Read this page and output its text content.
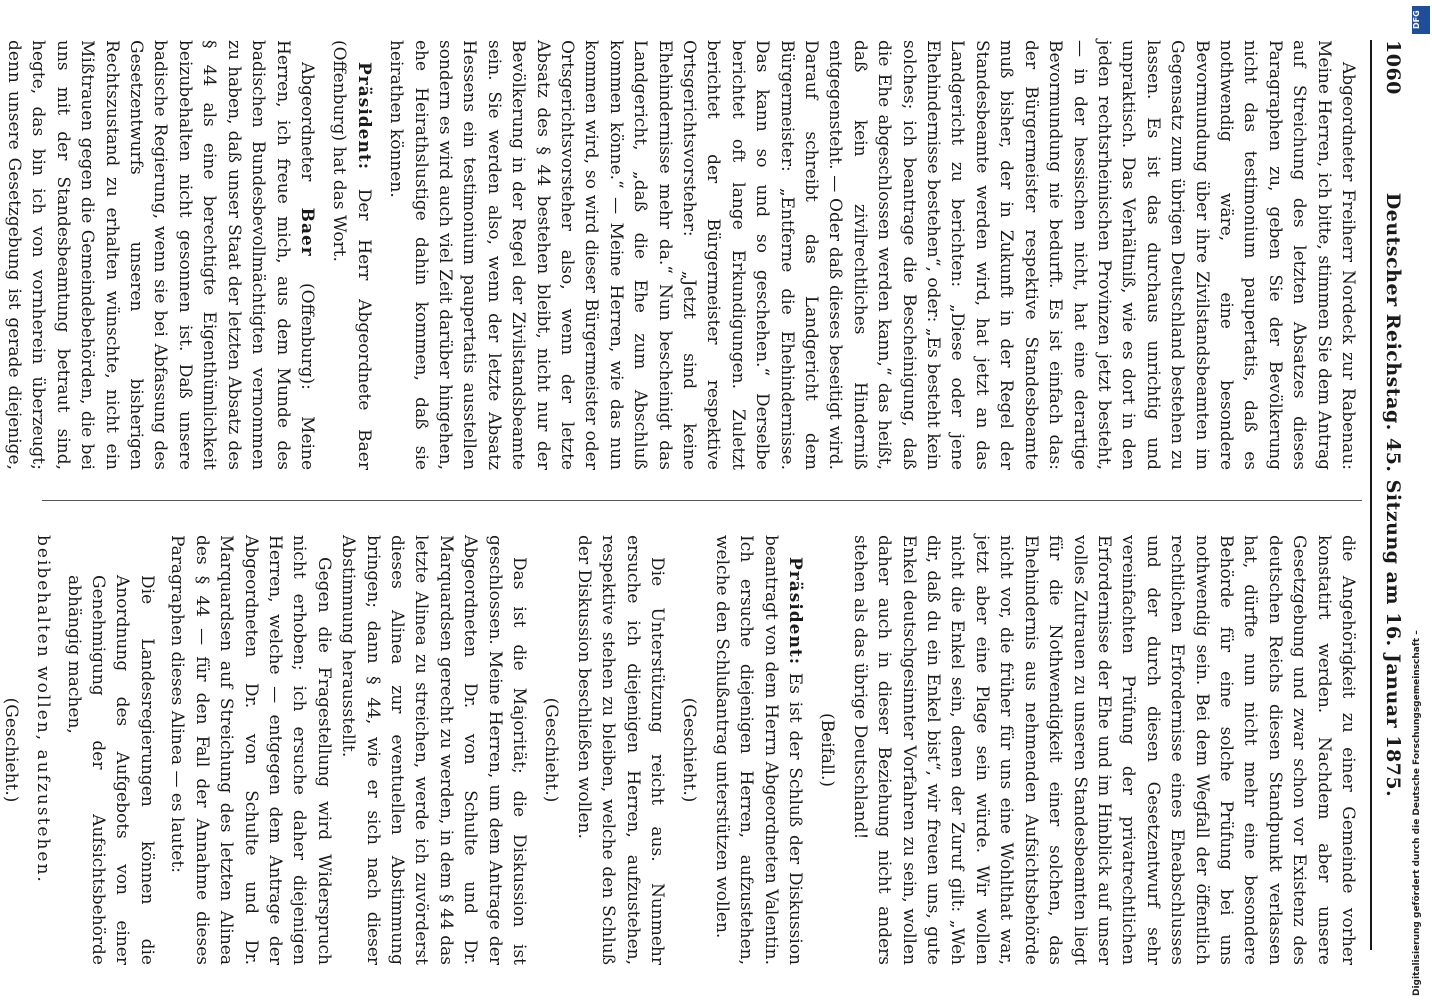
1060
Deutscher Reichstag. 45. Sitzung am 16. Januar 1875.

Abgeordneter Freiherr Nordeck zur Rabenau: Meine Herren, ich bitte, stimmen Sie dem Antrag auf Streichung des letzten Absatzes dieses Paragraphen zu, geben Sie der Bevölkerung nicht das testimonium paupertatis, daß es nothwendig wäre, eine besondere Bevormundung über ihre Zivilstandsbeamten im Gegensatz zum übrigen Deutschland bestehen zu lassen. Es ist das durchaus unrichtig und unpraktisch. Das Verhältniß, wie es dort in den jeden rechtsrheinischen Provinzen jetzt besteht, — in der hessischen nicht, hat eine derartige Bevormundung nie bedurft. Es ist einfach das: der Bürgermeister respektive Standesbeamte muß bisher, der in Zukunft in der Regel der Standesbeamte werden wird, hat jetzt an das Landgericht zu berichten: „Diese oder jene Ehehindernisse bestehen“, oder: „Es besteht kein solches; ich beantrage die Bescheinigung, daß die Ehe abgeschlossen werden kann,“ das heißt, daß kein zivilrechtliches Hinderniß entgegensteht. — Oder daß dieses beseitigt wird. Darauf schreibt das Landgericht dem Bürgermeister: „Entferne die Ehehindernisse. Das kann so und so geschehen.“ Derselbe berichtet oft lange Erkundigungen. Zuletzt berichtet der Bürgermeister respektive Ortsgerichtsvorsteher: „Jetzt sind keine Ehehindernisse mehr da.“ Nun bescheinigt das Landgericht, „daß die Ehe zum Abschluß kommen könne.“ — Meine Herren, wie das nun kommen wird, so wird dieser Bürgermeister oder Ortsgerichtsvorsteher also, wenn der letzte Absatz des § 44 bestehen bleibt, nicht nur der Bevölkerung in der Regel der Zivilstandsbeamte sein. Sie werden also, wenn der letzte Absatz Hessens ein testimonium paupertatis ausstellen sondern es wird auch viel Zeit darüber hingehen, ehe Heirathslustige dahin kommen, daß sie heirathen können.

Präsident: Der Herr Abgeordnete Baer (Offenburg) hat das Wort.

Abgeordneter Baer (Offenburg): Meine Herren, ich freue mich, aus dem Munde des badischen Bundesbevollmächtigten vernommen zu haben, daß unser Staat der letzten Absatz des § 44 als eine berechtigte Eigenthümlichkeit beizubehalten nicht gesonnen ist. Daß unsere badische Regierung, wenn sie bei Abfassung des Gesetzentwurfs unseren bisherigen Rechtszustand zu erhalten wünschte, nicht ein Mißtrauen gegen die Gemeindebehörden, die bei uns mit der Standesbeamtung betraut sind, hegte, das bin ich von vornherein überzeugt; denn unsere Gesetzgebung ist gerade diejenige,

die Angehörigkeit zu einer Gemeinde vorher konstatirt werden. Nachdem aber unsere Gesetzgebung und zwar schon vor Existenz des deutschen Reichs diesen Standpunkt verlassen hat, dürfte nun nicht mehr eine besondere Behörde für eine solche Prüfung bei uns nothwendig sein. Bei dem Wegfall der öffentlich rechtlichen Erfordernisse eines Eheabschlusses und der durch diesen Gesetzentwurf sehr vereinfachten Prüfung der privatrechtlichen Erfordernisse der Ehe und im Hinblick auf unser volles Zutrauen zu unseren Standesbeamten liegt für die Nothwendigkeit einer solchen, das Ehehindernis aus nehmenden Aufsichtsbehörde nicht vor, die früher für uns eine Wohlthat war, jetzt aber eine Plage sein würde. Wir wollen nicht die Enkel sein, denen der Zuruf gilt: „Weh dir, daß du ein Enkel bist“, wir freuen uns, gute Enkel deutschgesinnter Vorfahren zu sein, wollen daher auch in dieser Beziehung nicht anders stehen als das übrige Deutschland!

(Beifall.)

Präsident: Es ist der Schluß der Diskussion beantragt von dem Herrn Abgeordneten Valentin. Ich ersuche diejenigen Herren, aufzustehen, welche den Schlußantrag unterstützen wollen.

(Geschieht.)

Die Unterstützung reicht aus. Nunmehr ersuche ich diejenigen Herren, aufzustehen, respektive stehen zu bleiben, welche den Schluß der Diskussion beschließen wollen.

(Geschieht.)

Das ist die Majorität; die Diskussion ist geschlossen. Meine Herren, um dem Antrage der Abgeordneten Dr. von Schulte und Dr. Marquardsen gerecht zu werden, in dem § 44 das letzte Alinea zu streichen, werde ich zuvörderst dieses Alinea zur eventuellen Abstimmung bringen; dann § 44, wie er sich nach dieser Abstimmung herausstellt.

Gegen die Fragestellung wird Widerspruch nicht erhoben; ich ersuche daher diejenigen Herren, welche — entgegen dem Antrage der Abgeordneten Dr. von Schulte und Dr. Marquardsen auf Streichung des letzten Alinea des § 44 — für den Fall der Annahme dieses Paragraphen dieses Alinea — es lautet:

Die Landesregierungen können die Anordnung des Aufgebots von einer Genehmigung der Aufsichtsbehörde abhängig machen,

beibehalten wollen, aufzustehen.

(Geschieht.)	Digitalisierung gefördert durch die Deutsche Forschungsgemeinschaft –
DFG
